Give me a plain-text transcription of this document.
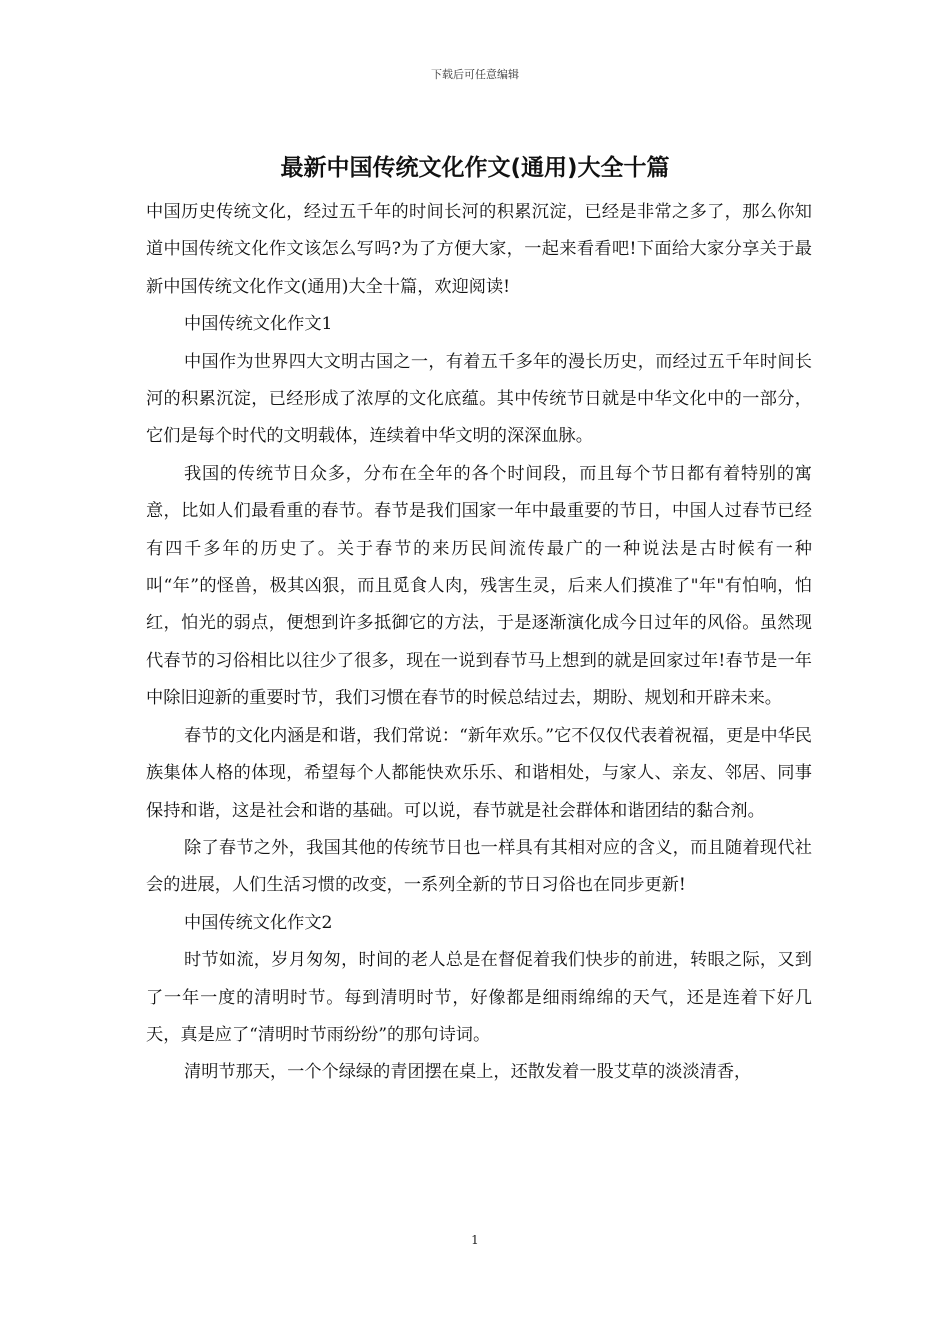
下载后可任意编辑
最新中国传统文化作文(通用)大全十篇

中国历史传统文化，经过五千年的时间长河的积累沉淀，已经是非常之多了，那么你知道中国传统文化作文该怎么写吗?为了方便大家，一起来看看吧!下面给大家分享关于最新中国传统文化作文(通用)大全十篇，欢迎阅读!

中国传统文化作文1

中国作为世界四大文明古国之一，有着五千多年的漫长历史，而经过五千年时间长河的积累沉淀，已经形成了浓厚的文化底蕴。其中传统节日就是中华文化中的一部分，它们是每个时代的文明载体，连续着中华文明的深深血脉。

我国的传统节日众多，分布在全年的各个时间段，而且每个节日都有着特别的寓意，比如人们最看重的春节。春节是我们国家一年中最重要的节日，中国人过春节已经有四千多年的历史了。关于春节的来历民间流传最广的一种说法是古时候有一种叫“年”的怪兽，极其凶狠，而且觅食人肉，残害生灵，后来人们摸准了"年"有怕响，怕红，怕光的弱点，便想到许多抵御它的方法，于是逐渐演化成今日过年的风俗。虽然现代春节的习俗相比以往少了很多，现在一说到春节马上想到的就是回家过年!春节是一年中除旧迎新的重要时节，我们习惯在春节的时候总结过去，期盼、规划和开辟未来。

春节的文化内涵是和谐，我们常说：“新年欢乐。”它不仅仅代表着祝福，更是中华民族集体人格的体现，希望每个人都能快欢乐乐、和谐相处，与家人、亲友、邻居、同事保持和谐，这是社会和谐的基础。可以说，春节就是社会群体和谐团结的黏合剂。

除了春节之外，我国其他的传统节日也一样具有其相对应的含义，而且随着现代社会的进展，人们生活习惯的改变，一系列全新的节日习俗也在同步更新!

中国传统文化作文2

时节如流，岁月匆匆，时间的老人总是在督促着我们快步的前进，转眼之际，又到了一年一度的清明时节。每到清明时节，好像都是细雨绵绵的天气，还是连着下好几天，真是应了“清明时节雨纷纷”的那句诗词。

清明节那天，一个个绿绿的青团摆在桌上，还散发着一股艾草的淡淡清香，

1
